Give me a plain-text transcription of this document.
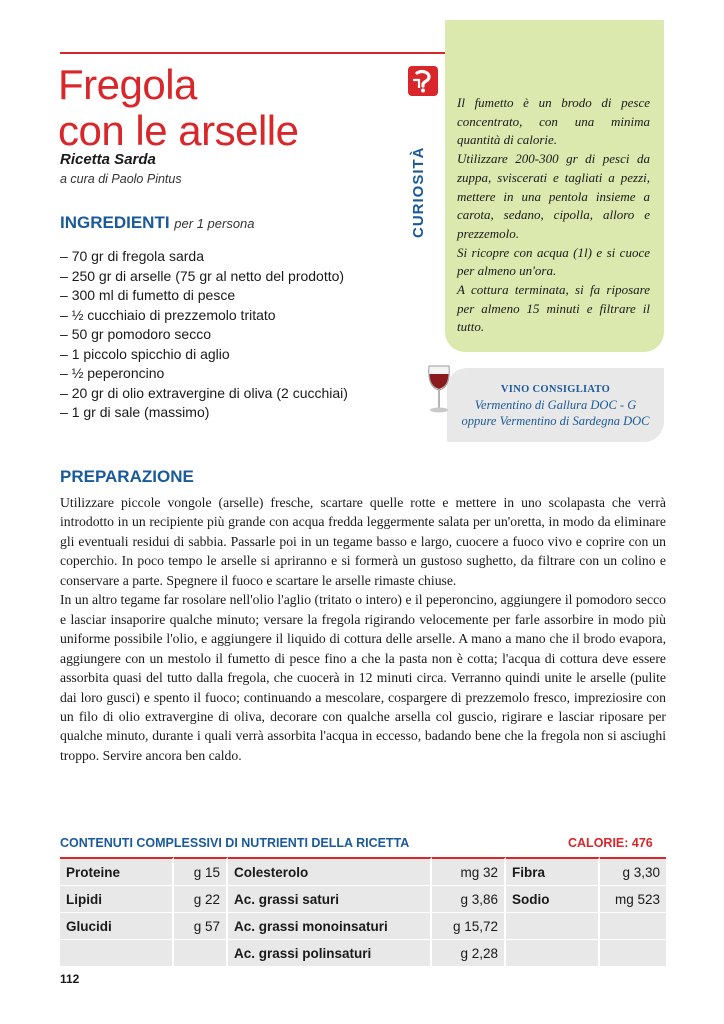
Fregola
con le arselle
Ricetta Sarda
a cura di Paolo Pintus
INGREDIENTI per 1 persona
– 70 gr di fregola sarda
– 250 gr di arselle (75 gr al netto del prodotto)
– 300 ml di fumetto di pesce
– ½ cucchiaio di prezzemolo tritato
– 50 gr pomodoro secco
– 1 piccolo spicchio di aglio
– ½ peperoncino
– 20 gr di olio extravergine di oliva (2 cucchiai)
– 1 gr di sale (massimo)
CURIOSITÀ

Il fumetto è un brodo di pesce concentrato, con una minima quantità di calorie.

Utilizzare 200-300 gr di pesci da zuppa, sviscerati e tagliati a pezzi, mettere in una pentola insieme a carota, sedano, cipolla, alloro e prezzemolo.

Si ricopre con acqua (1l) e si cuoce per almeno un'ora.

A cottura terminata, si fa riposare per almeno 15 minuti e filtrare il tutto.

VINO CONSIGLIATO
Vermentino di Gallura DOC - G
oppure Vermentino di Sardegna DOC
PREPARAZIONE

Utilizzare piccole vongole (arselle) fresche, scartare quelle rotte e mettere in uno scolapasta che verrà introdotto in un recipiente più grande con acqua fredda leggermente salata per un'oretta, in modo da eliminare gli eventuali residui di sabbia. Passarle poi in un tegame basso e largo, cuocere a fuoco vivo e coprire con un coperchio. In poco tempo le arselle si apriranno e si formerà un gustoso sughetto, da filtrare con un colino e conservare a parte. Spegnere il fuoco e scartare le arselle rimaste chiuse.

In un altro tegame far rosolare nell'olio l'aglio (tritato o intero) e il peperoncino, aggiungere il pomodoro secco e lasciar insaporire qualche minuto; versare la fregola rigirando velocemente per farle assorbire in modo più uniforme possibile l'olio, e aggiungere il liquido di cottura delle arselle. A mano a mano che il brodo evapora, aggiungere con un mestolo il fumetto di pesce fino a che la pasta non è cotta; l'acqua di cottura deve essere assorbita quasi del tutto dalla fregola, che cuocerà in 12 minuti circa. Verranno quindi unite le arselle (pulite dai loro gusci) e spento il fuoco; continuando a mescolare, cospargere di prezzemolo fresco, impreziosire con un filo di olio extravergine di oliva, decorare con qualche arsella col guscio, rigirare e lasciar riposare per qualche minuto, durante i quali verrà assorbita l'acqua in eccesso, badando bene che la fregola non si asciughi troppo. Servire ancora ben caldo.

CONTENUTI COMPLESSIVI DI NUTRIENTI DELLA RICETTA	CALORIE: 476
Proteine	g 15	Colesterolo	mg 32	Fibra	g 3,30
Lipidi	g 22	Ac. grassi saturi	g 3,86	Sodio	mg 523
Glucidi	g 57	Ac. grassi monoinsaturi	g 15,72		
		Ac. grassi polinsaturi	g 2,28		
112
